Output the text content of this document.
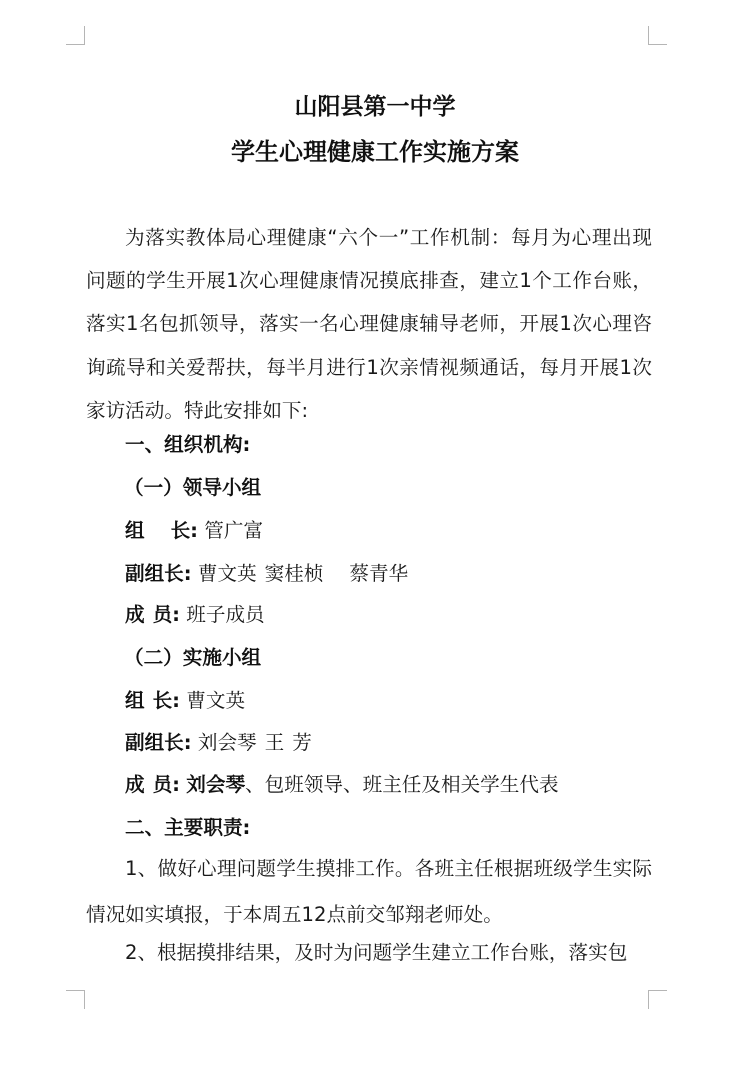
山阳县第一中学
学生心理健康工作实施方案

为落实教体局心理健康“六个一”工作机制：每月为心理出现问题的学生开展1次心理健康情况摸底排查，建立1个工作台账，落实1名包抓领导，落实一名心理健康辅导老师，开展1次心理咨询疏导和关爱帮扶，每半月进行1次亲情视频通话，每月开展1次家访活动。特此安排如下:

一、组织机构:
（一）领导小组
组 长: 管广富
副组长: 曹文英 窦桂桢 蔡青华
成 员: 班子成员
（二）实施小组
组 长: 曹文英
副组长: 刘会琴 王 芳
成 员: 刘会琴、包班领导、班主任及相关学生代表
二、主要职责:

1、做好心理问题学生摸排工作。各班主任根据班级学生实际情况如实填报，于本周五12点前交邹翔老师处。

2、根据摸排结果，及时为问题学生建立工作台账，落实包
